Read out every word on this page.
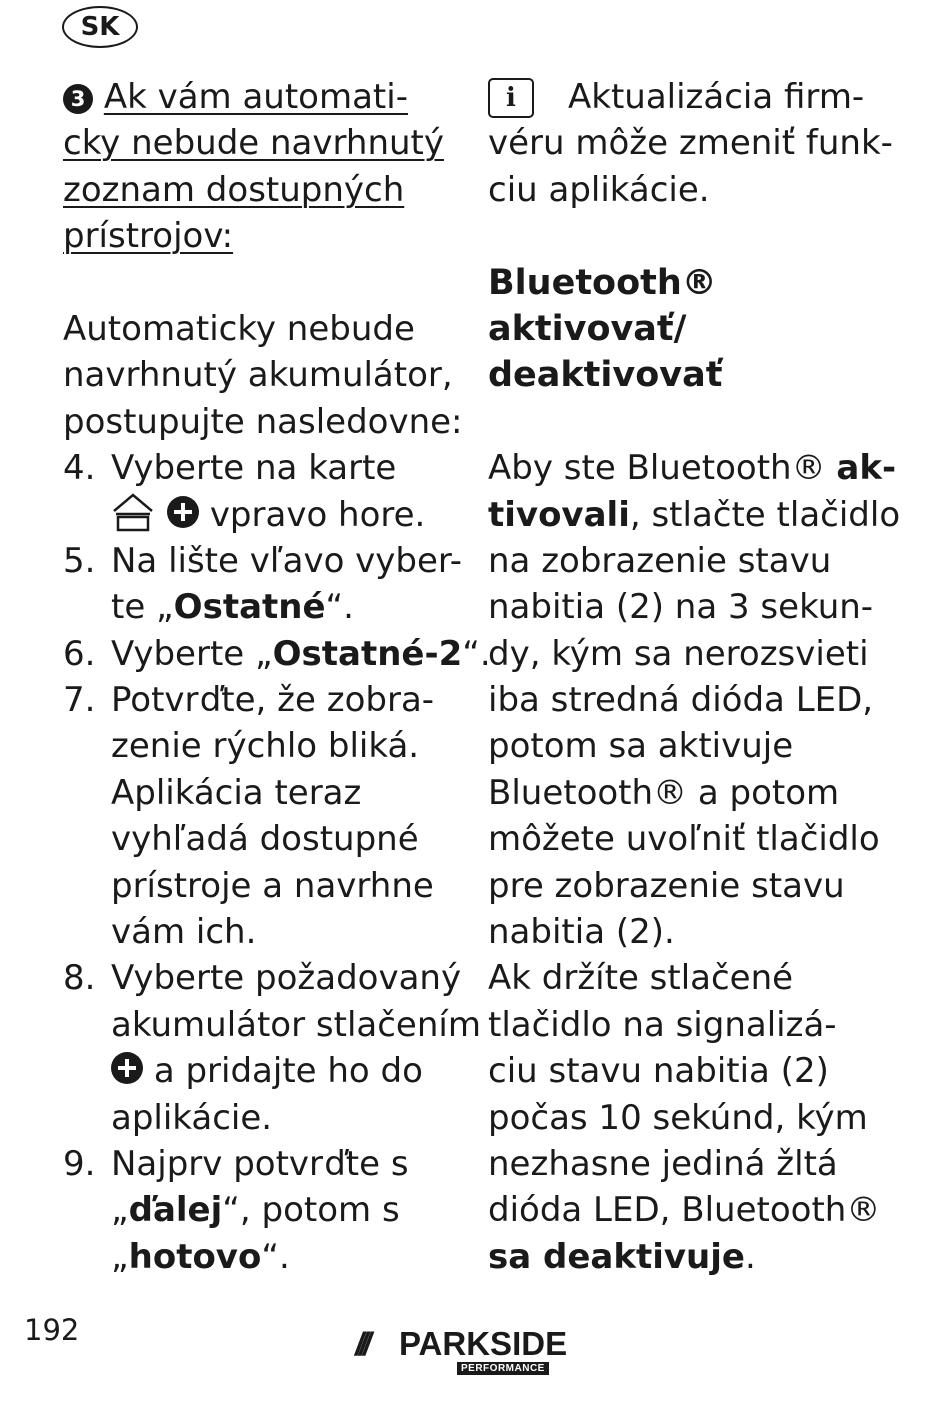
SK
3 Ak vám automati-
cky nebude navrhnutý
zoznam dostupných
prístrojov:
Automaticky nebude
navrhnutý akumulátor,
postupujte nasledovne:
4. Vyberte na karte
vpravo hore.
5. Na lište vľavo vyber-
te „Ostatné“.
6. Vyberte „Ostatné-2“.
7. Potvrďte, že zobra-
zenie rýchlo bliká.
Aplikácia teraz
vyhľadá dostupné
prístroje a navrhne
vám ich.
8. Vyberte požadovaný
akumulátor stlačením
a pridajte ho do
aplikácie.
9. Najprv potvrďte s
„ďalej“, potom s
„hotovo“.
i Aktualizácia firm-
véru môže zmeniť funk-
ciu aplikácie.
Bluetooth®
aktivovať/
deaktivovať
Aby ste Bluetooth® ak-
tivovali, stlačte tlačidlo
na zobrazenie stavu
nabitia (2) na 3 sekun-
dy, kým sa nerozsvieti
iba stredná dióda LED,
potom sa aktivuje
Bluetooth® a potom
môžete uvoľniť tlačidlo
pre zobrazenie stavu
nabitia (2).
Ak držíte stlačené
tlačidlo na signalizá-
ciu stavu nabitia (2)
počas 10 sekúnd, kým
nezhasne jediná žltá
dióda LED, Bluetooth®
sa deaktivuje.
192	/// PARKSIDE
PERFORMANCE
